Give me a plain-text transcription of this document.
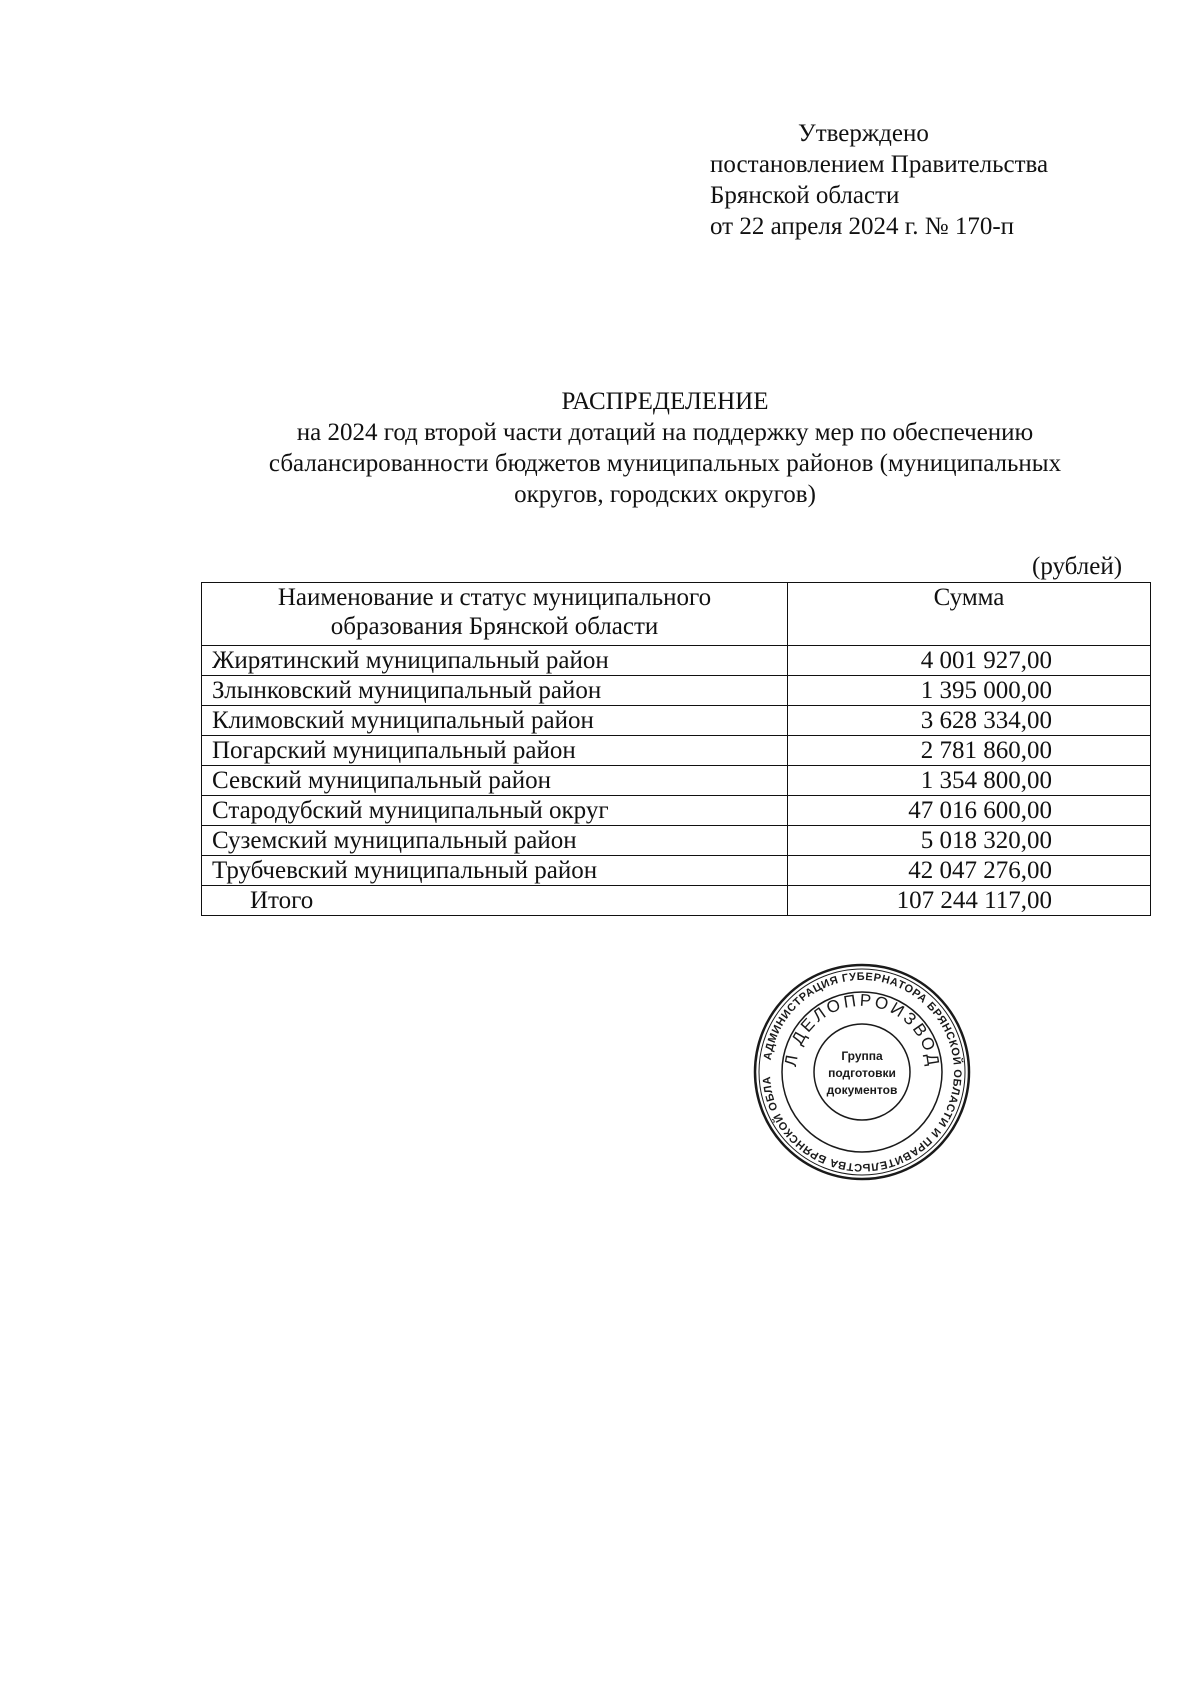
Утверждено
постановлением Правительства
Брянской области
от 22 апреля 2024 г. № 170-п
РАСПРЕДЕЛЕНИЕ
на 2024 год второй части дотаций на поддержку мер по обеспечению
сбалансированности бюджетов муниципальных районов (муниципальных
округов, городских округов)
(рублей)
Наименование и статус муниципального
образования Брянской области	Сумма
Жирятинский муниципальный район	4 001 927,00
Злынковский муниципальный район	1 395 000,00
Климовский муниципальный район	3 628 334,00
Погарский муниципальный район	2 781 860,00
Севский муниципальный район	1 354 800,00
Стародубский муниципальный округ	47 016 600,00
Суземский муниципальный район	5 018 320,00
Трубчевский муниципальный район	42 047 276,00
Итого	107 244 117,00
АДМИНИСТРАЦИЯ ГУБЕРНАТОРА БРЯНСКОЙ ОБЛАСТИ И ПРАВИТЕЛЬСТВА БРЯНСКОЙ ОБЛА
Л ДЕЛОПРОИЗВОД
Группа
подготовки
документов
